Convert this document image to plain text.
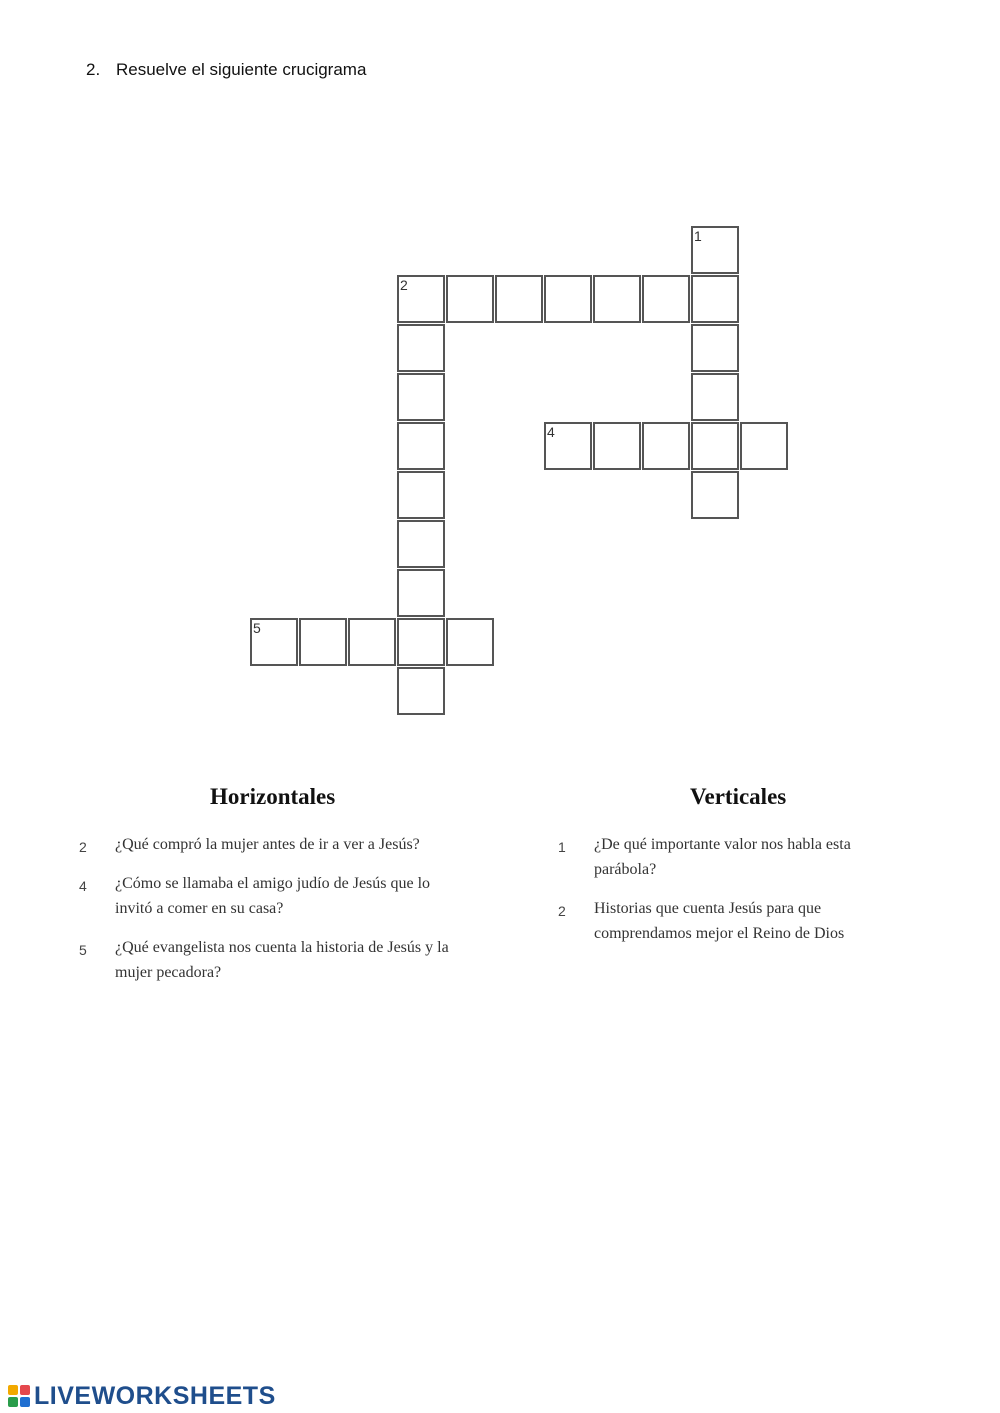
2. Resuelve el siguiente crucigrama
1
2
4
5
Horizontales	Verticales
2 ¿Qué compró la mujer antes de ir a ver a Jesús?
4 ¿Cómo se llamaba el amigo judío de Jesús que lo invitó a comer en su casa?
5 ¿Qué evangelista nos cuenta la historia de Jesús y la mujer pecadora?
1 ¿De qué importante valor nos habla esta parábola?
2 Historias que cuenta Jesús para que comprendamos mejor el Reino de Dios
LIVEWORKSHEETS
